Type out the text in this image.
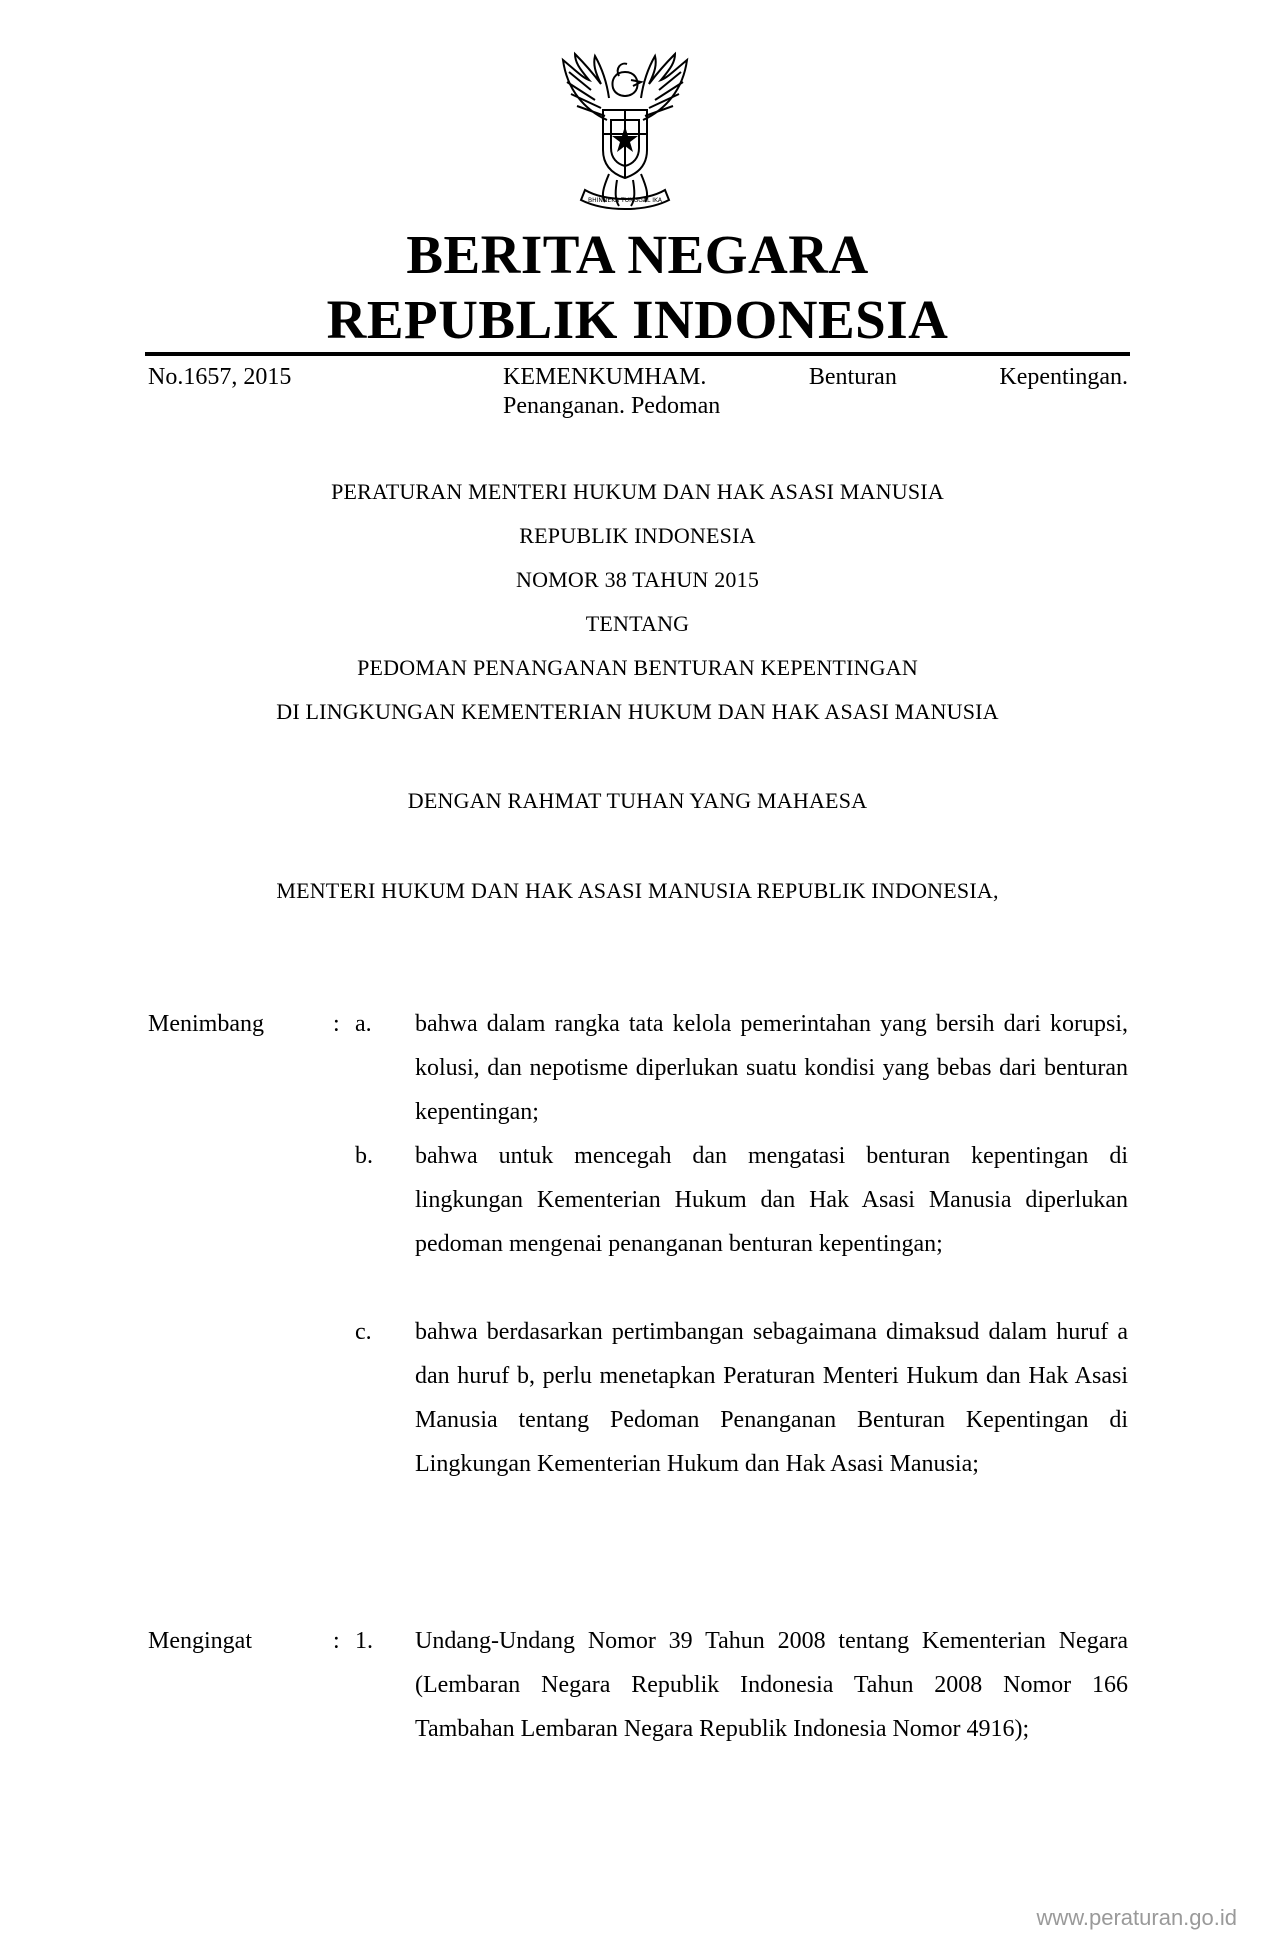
BHINNEKA TUNGGAL IKA
BERITA NEGARA
REPUBLIK INDONESIA
No.1657, 2015	KEMENKUMHAM.	Benturan	Kepentingan.
Penanganan. Pedoman
PERATURAN MENTERI HUKUM DAN HAK ASASI MANUSIA
REPUBLIK INDONESIA
NOMOR 38 TAHUN 2015
TENTANG
PEDOMAN PENANGANAN BENTURAN KEPENTINGAN
DI LINGKUNGAN KEMENTERIAN HUKUM DAN HAK ASASI MANUSIA
DENGAN RAHMAT TUHAN YANG MAHAESA
MENTERI HUKUM DAN HAK ASASI MANUSIA REPUBLIK INDONESIA,
Menimbang	: a. bahwa dalam rangka tata kelola pemerintahan yang bersih dari korupsi, kolusi, dan nepotisme diperlukan suatu kondisi yang bebas dari benturan kepentingan;
b. bahwa untuk mencegah dan mengatasi benturan kepentingan di lingkungan Kementerian Hukum dan Hak Asasi Manusia diperlukan pedoman mengenai penanganan benturan kepentingan;
c. bahwa berdasarkan pertimbangan sebagaimana dimaksud dalam huruf a dan huruf b, perlu menetapkan Peraturan Menteri Hukum dan Hak Asasi Manusia tentang Pedoman Penanganan Benturan Kepentingan di Lingkungan Kementerian Hukum dan Hak Asasi Manusia;
Mengingat	: 1. Undang-Undang Nomor 39 Tahun 2008 tentang Kementerian Negara (Lembaran Negara Republik Indonesia Tahun 2008 Nomor 166 Tambahan Lembaran Negara Republik Indonesia Nomor 4916);
www.peraturan.go.id
